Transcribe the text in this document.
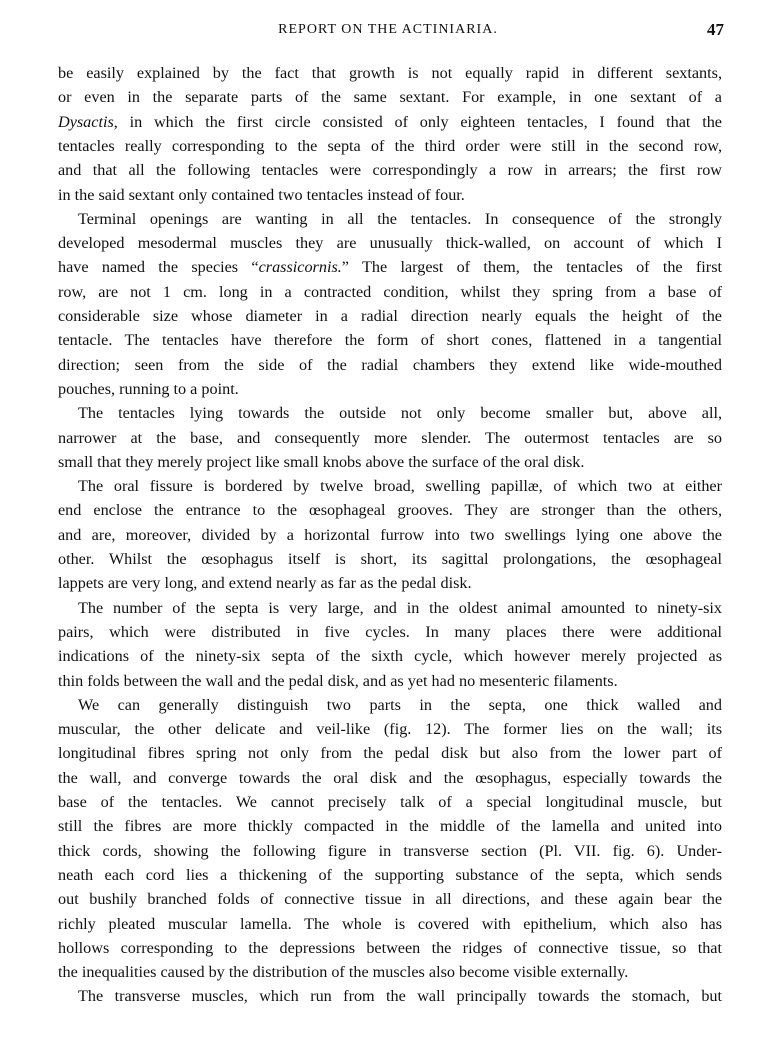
REPORT ON THE ACTINIARIA.	47
be easily explained by the fact that growth is not equally rapid in different sextants,
or even in the separate parts of the same sextant. For example, in one sextant of a
Dysactis, in which the first circle consisted of only eighteen tentacles, I found that the
tentacles really corresponding to the septa of the third order were still in the second row,
and that all the following tentacles were correspondingly a row in arrears; the first row
in the said sextant only contained two tentacles instead of four.
Terminal openings are wanting in all the tentacles. In consequence of the strongly
developed mesodermal muscles they are unusually thick-walled, on account of which I
have named the species “crassicornis.” The largest of them, the tentacles of the first
row, are not 1 cm. long in a contracted condition, whilst they spring from a base of
considerable size whose diameter in a radial direction nearly equals the height of the
tentacle. The tentacles have therefore the form of short cones, flattened in a tangential
direction; seen from the side of the radial chambers they extend like wide-mouthed
pouches, running to a point.
The tentacles lying towards the outside not only become smaller but, above all,
narrower at the base, and consequently more slender. The outermost tentacles are so
small that they merely project like small knobs above the surface of the oral disk.
The oral fissure is bordered by twelve broad, swelling papillæ, of which two at either
end enclose the entrance to the œsophageal grooves. They are stronger than the others,
and are, moreover, divided by a horizontal furrow into two swellings lying one above the
other. Whilst the œsophagus itself is short, its sagittal prolongations, the œsophageal
lappets are very long, and extend nearly as far as the pedal disk.
The number of the septa is very large, and in the oldest animal amounted to ninety-six
pairs, which were distributed in five cycles. In many places there were additional
indications of the ninety-six septa of the sixth cycle, which however merely projected as
thin folds between the wall and the pedal disk, and as yet had no mesenteric filaments.
We can generally distinguish two parts in the septa, one thick walled and
muscular, the other delicate and veil-like (fig. 12). The former lies on the wall; its
longitudinal fibres spring not only from the pedal disk but also from the lower part of
the wall, and converge towards the oral disk and the œsophagus, especially towards the
base of the tentacles. We cannot precisely talk of a special longitudinal muscle, but
still the fibres are more thickly compacted in the middle of the lamella and united into
thick cords, showing the following figure in transverse section (Pl. VII. fig. 6). Under-
neath each cord lies a thickening of the supporting substance of the septa, which sends
out bushily branched folds of connective tissue in all directions, and these again bear the
richly pleated muscular lamella. The whole is covered with epithelium, which also has
hollows corresponding to the depressions between the ridges of connective tissue, so that
the inequalities caused by the distribution of the muscles also become visible externally.
The transverse muscles, which run from the wall principally towards the stomach, but
